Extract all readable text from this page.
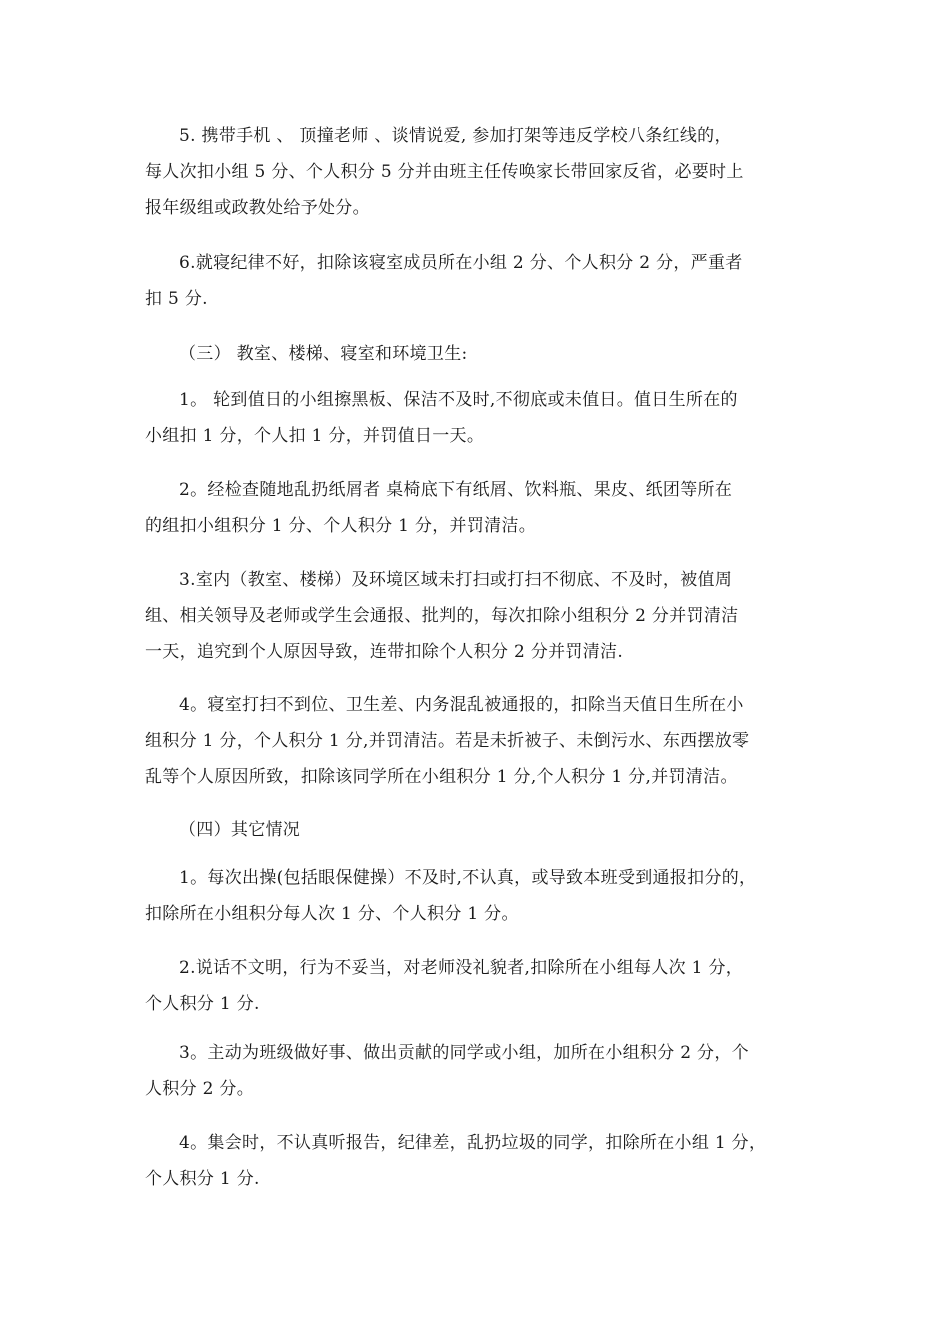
5. 携带手机 、 顶撞老师 、谈情说爱, 参加打架等违反学校八条红线的，
每人次扣小组 5 分、个人积分 5 分并由班主任传唤家长带回家反省，必要时上
报年级组或政教处给予处分。
6.就寝纪律不好，扣除该寝室成员所在小组 2 分、个人积分 2 分，严重者
扣 5 分.
（三） 教室、楼梯、寝室和环境卫生:
1。 轮到值日的小组擦黑板、保洁不及时,不彻底或未值日。值日生所在的
小组扣 1 分，个人扣 1 分，并罚值日一天。
2。经检查随地乱扔纸屑者 桌椅底下有纸屑、饮料瓶、果皮、纸团等所在
的组扣小组积分 1 分、个人积分 1 分，并罚清洁。
3.室内（教室、楼梯）及环境区域未打扫或打扫不彻底、不及时，被值周
组、相关领导及老师或学生会通报、批判的，每次扣除小组积分 2 分并罚清洁
一天，追究到个人原因导致，连带扣除个人积分 2 分并罚清洁.
4。寝室打扫不到位、卫生差、内务混乱被通报的，扣除当天值日生所在小
组积分 1 分，个人积分 1 分,并罚清洁。若是未折被子、未倒污水、东西摆放零
乱等个人原因所致，扣除该同学所在小组积分 1 分,个人积分 1 分,并罚清洁。
（四）其它情况
1。每次出操(包括眼保健操）不及时,不认真，或导致本班受到通报扣分的，
扣除所在小组积分每人次 1 分、个人积分 1 分。
2.说话不文明，行为不妥当，对老师没礼貌者,扣除所在小组每人次 1 分，
个人积分 1 分.
3。主动为班级做好事、做出贡献的同学或小组，加所在小组积分 2 分，个
人积分 2 分。
4。集会时，不认真听报告，纪律差，乱扔垃圾的同学，扣除所在小组 1 分，
个人积分 1 分.
